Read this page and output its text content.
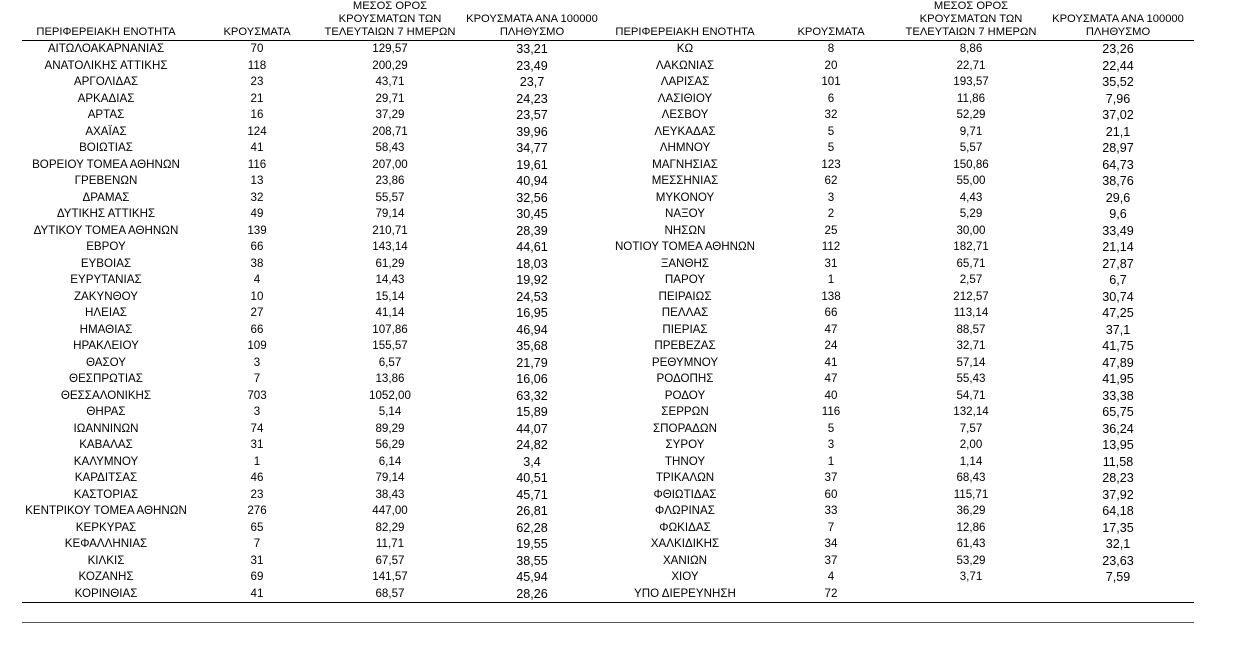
ΠΕΡΙΦΕΡΕΙΑΚΗ ΕΝΟΤΗΤΑ	ΚΡΟΥΣΜΑΤΑ	ΜΕΣΟΣ ΟΡΟΣ
ΚΡΟΥΣΜΑΤΩΝ ΤΩΝ
ΤΕΛΕΥΤΑΙΩΝ 7 ΗΜΕΡΩΝ	ΚΡΟΥΣΜΑΤΑ ΑΝΑ 100000
ΠΛΗΘΥΣΜΟ	ΠΕΡΙΦΕΡΕΙΑΚΗ ΕΝΟΤΗΤΑ	ΚΡΟΥΣΜΑΤΑ	ΜΕΣΟΣ ΟΡΟΣ
ΚΡΟΥΣΜΑΤΩΝ ΤΩΝ
ΤΕΛΕΥΤΑΙΩΝ 7 ΗΜΕΡΩΝ	ΚΡΟΥΣΜΑΤΑ ΑΝΑ 100000
ΠΛΗΘΥΣΜΟ

ΑΙΤΩΛΟΑΚΑΡΝΑΝΙΑΣ	70	129,57	33,21	ΚΩ	8	8,86	23,26
ΑΝΑΤΟΛΙΚΗΣ ΑΤΤΙΚΗΣ	118	200,29	23,49	ΛΑΚΩΝΙΑΣ	20	22,71	22,44
ΑΡΓΟΛΙΔΑΣ	23	43,71	23,7	ΛΑΡΙΣΑΣ	101	193,57	35,52
ΑΡΚΑΔΙΑΣ	21	29,71	24,23	ΛΑΣΙΘΙΟΥ	6	11,86	7,96
ΑΡΤΑΣ	16	37,29	23,57	ΛΕΣΒΟΥ	32	52,29	37,02
ΑΧΑΪΑΣ	124	208,71	39,96	ΛΕΥΚΑΔΑΣ	5	9,71	21,1
ΒΟΙΩΤΙΑΣ	41	58,43	34,77	ΛΗΜΝΟΥ	5	5,57	28,97
ΒΟΡΕΙΟΥ ΤΟΜΕΑ ΑΘΗΝΩΝ	116	207,00	19,61	ΜΑΓΝΗΣΙΑΣ	123	150,86	64,73
ΓΡΕΒΕΝΩΝ	13	23,86	40,94	ΜΕΣΣΗΝΙΑΣ	62	55,00	38,76
ΔΡΑΜΑΣ	32	55,57	32,56	ΜΥΚΟΝΟΥ	3	4,43	29,6
ΔΥΤΙΚΗΣ ΑΤΤΙΚΗΣ	49	79,14	30,45	ΝΑΞΟΥ	2	5,29	9,6
ΔΥΤΙΚΟΥ ΤΟΜΕΑ ΑΘΗΝΩΝ	139	210,71	28,39	ΝΗΣΩΝ	25	30,00	33,49
ΕΒΡΟΥ	66	143,14	44,61	ΝΟΤΙΟΥ ΤΟΜΕΑ ΑΘΗΝΩΝ	112	182,71	21,14
ΕΥΒΟΙΑΣ	38	61,29	18,03	ΞΑΝΘΗΣ	31	65,71	27,87
ΕΥΡΥΤΑΝΙΑΣ	4	14,43	19,92	ΠΑΡΟΥ	1	2,57	6,7
ΖΑΚΥΝΘΟΥ	10	15,14	24,53	ΠΕΙΡΑΙΩΣ	138	212,57	30,74
ΗΛΕΙΑΣ	27	41,14	16,95	ΠΕΛΛΑΣ	66	113,14	47,25
ΗΜΑΘΙΑΣ	66	107,86	46,94	ΠΙΕΡΙΑΣ	47	88,57	37,1
ΗΡΑΚΛΕΙΟΥ	109	155,57	35,68	ΠΡΕΒΕΖΑΣ	24	32,71	41,75
ΘΑΣΟΥ	3	6,57	21,79	ΡΕΘΥΜΝΟΥ	41	57,14	47,89
ΘΕΣΠΡΩΤΙΑΣ	7	13,86	16,06	ΡΟΔΟΠΗΣ	47	55,43	41,95
ΘΕΣΣΑΛΟΝΙΚΗΣ	703	1052,00	63,32	ΡΟΔΟΥ	40	54,71	33,38
ΘΗΡΑΣ	3	5,14	15,89	ΣΕΡΡΩΝ	116	132,14	65,75
ΙΩΑΝΝΙΝΩΝ	74	89,29	44,07	ΣΠΟΡΑΔΩΝ	5	7,57	36,24
ΚΑΒΑΛΑΣ	31	56,29	24,82	ΣΥΡΟΥ	3	2,00	13,95
ΚΑΛΥΜΝΟΥ	1	6,14	3,4	ΤΗΝΟΥ	1	1,14	11,58
ΚΑΡΔΙΤΣΑΣ	46	79,14	40,51	ΤΡΙΚΑΛΩΝ	37	68,43	28,23
ΚΑΣΤΟΡΙΑΣ	23	38,43	45,71	ΦΘΙΩΤΙΔΑΣ	60	115,71	37,92
ΚΕΝΤΡΙΚΟΥ ΤΟΜΕΑ ΑΘΗΝΩΝ	276	447,00	26,81	ΦΛΩΡΙΝΑΣ	33	36,29	64,18
ΚΕΡΚΥΡΑΣ	65	82,29	62,28	ΦΩΚΙΔΑΣ	7	12,86	17,35
ΚΕΦΑΛΛΗΝΙΑΣ	7	11,71	19,55	ΧΑΛΚΙΔΙΚΗΣ	34	61,43	32,1
ΚΙΛΚΙΣ	31	67,57	38,55	ΧΑΝΙΩΝ	37	53,29	23,63
ΚΟΖΑΝΗΣ	69	141,57	45,94	ΧΙΟΥ	4	3,71	7,59
ΚΟΡΙΝΘΙΑΣ	41	68,57	28,26	ΥΠΟ ΔΙΕΡΕΥΝΗΣΗ	72		
